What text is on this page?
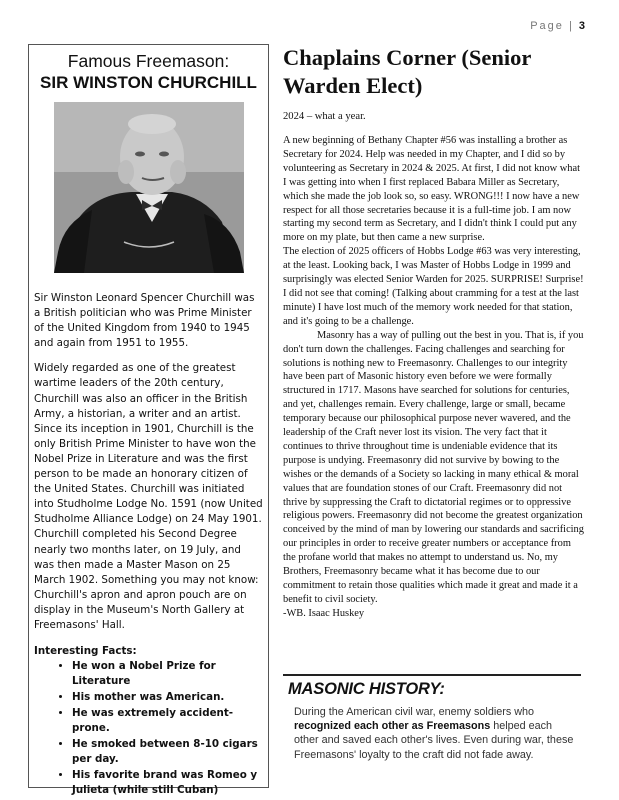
Page | 3
Famous Freemason:
SIR WINSTON CHURCHILL

Sir Winston Leonard Spencer Churchill was a British politician who was Prime Minister of the United Kingdom from 1940 to 1945 and again from 1951 to 1955.

Widely regarded as one of the greatest wartime leaders of the 20th century, Churchill was also an officer in the British Army, a historian, a writer and an artist. Since its inception in 1901, Churchill is the only British Prime Minister to have won the Nobel Prize in Literature and was the first person to be made an honorary citizen of the United States. Churchill was initiated into Studholme Lodge No. 1591 (now United Studholme Alliance Lodge) on 24 May 1901. Churchill completed his Second Degree nearly two months later, on 19 July, and was then made a Master Mason on 25 March 1902. Something you may not know: Churchill's apron and apron pouch are on display in the Museum's North Gallery at Freemasons' Hall.

Interesting Facts:
• He won a Nobel Prize for Literature
• His mother was American.
• He was extremely accident-prone.
• He smoked between 8-10 cigars per day.
• His favorite brand was Romeo y Julieta (while still Cuban)
Chaplains Corner (Senior Warden Elect)
2024 – what a year.

A new beginning of Bethany Chapter #56 was installing a brother as Secretary for 2024. Help was needed in my Chapter, and I did so by volunteering as Secretary in 2024 & 2025. At first, I did not know what I was getting into when I first replaced Babara Miller as Secretary, which she made the job look so, so easy. WRONG!!! I now have a new respect for all those secretaries because it is a full-time job. I am now starting my second term as Secretary, and I didn't think I could put any more on my plate, but then came a new surprise.

The election of 2025 officers of Hobbs Lodge #63 was very interesting, at the least. Looking back, I was Master of Hobbs Lodge in 1999 and surprisingly was elected Senior Warden for 2025. SURPRISE! Surprise! I did not see that coming! (Talking about cramming for a test at the last minute) I have lost much of the memory work needed for that station, and it's going to be a challenge.

Masonry has a way of pulling out the best in you. That is, if you don't turn down the challenges. Facing challenges and searching for solutions is nothing new to Freemasonry. Challenges to our integrity have been part of Masonic history even before we were formally structured in 1717. Masons have searched for solutions for centuries, and yet, challenges remain. Every challenge, large or small, became temporary because our philosophical purpose never wavered, and the leadership of the Craft never lost its vision. The very fact that it continues to thrive throughout time is undeniable evidence that its purpose is undying. Freemasonry did not survive by bowing to the wishes or the demands of a Society so lacking in many ethical & moral values that are foundation stones of our Craft. Freemasonry did not thrive by suppressing the Craft to dictatorial regimes or to oppressive religious powers. Freemasonry did not become the greatest organization conceived by the mind of man by lowering our standards and sacrificing our principles in order to receive greater numbers or acceptance from the profane world that makes no attempt to understand us. No, my Brothers, Freemasonry became what it has become due to our commitment to retain those qualities which made it great and made it a benefit to civil society.

-WB. Isaac Huskey

MASONIC HISTORY:
During the American civil war, enemy soldiers who recognized each other as Freemasons helped each other and saved each other's lives. Even during war, these Freemasons' loyalty to the craft did not fade away.
